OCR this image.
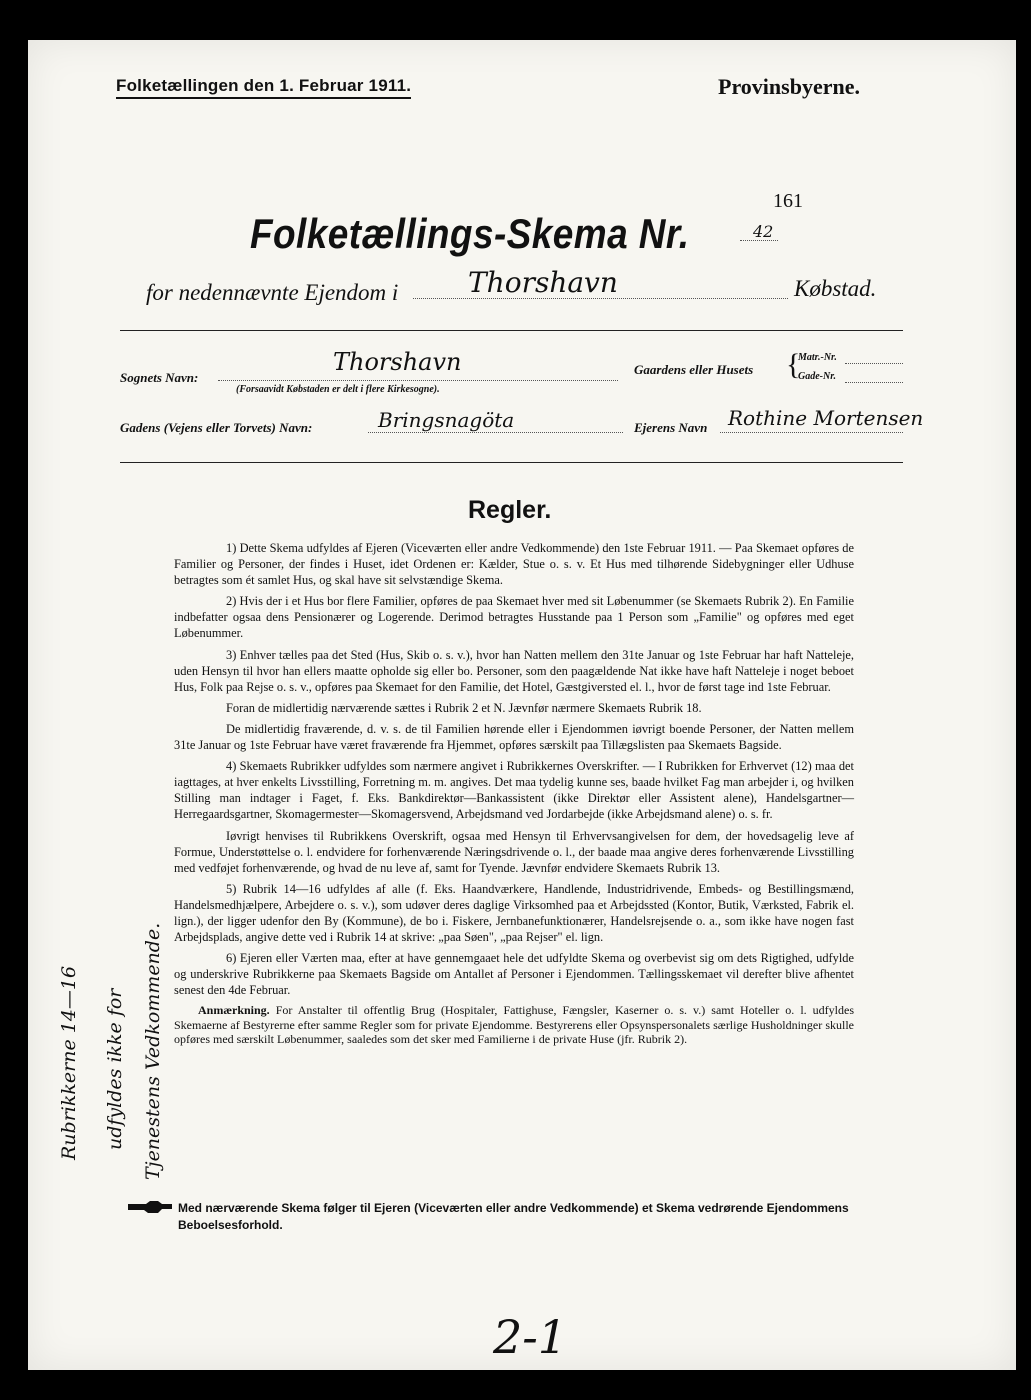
Folketællingen den 1. Februar 1911.	Provinsbyerne.
161
Folketællings-Skema Nr.	42
for nedennævnte Ejendom i Thorshavn	Købstad.
Sognets Navn:
Thorshavn
(Forsaavidt Købstaden er delt i flere Kirkesogne).
Gaardens eller Husets {
Matr.-Nr.
Gade-Nr.
Gadens (Vejens eller Torvets) Navn:	Bringsnagöta	Ejerens Navn Rothine Mortensen
Regler.

1) Dette Skema udfyldes af Ejeren (Viceværten eller andre Vedkommende) den 1ste Februar 1911. — Paa Skemaet opføres de Familier og Personer, der findes i Huset, idet Ordenen er: Kælder, Stue o. s. v. Et Hus med tilhørende Sidebygninger eller Udhuse betragtes som ét samlet Hus, og skal have sit selvstændige Skema.

2) Hvis der i et Hus bor flere Familier, opføres de paa Skemaet hver med sit Løbenummer (se Skemaets Rubrik 2). En Familie indbefatter ogsaa dens Pensionærer og Logerende. Derimod betragtes Husstande paa 1 Person som „Familie" og opføres med eget Løbenummer.

3) Enhver tælles paa det Sted (Hus, Skib o. s. v.), hvor han Natten mellem den 31te Januar og 1ste Februar har haft Natteleje, uden Hensyn til hvor han ellers maatte opholde sig eller bo. Personer, som den paagældende Nat ikke have haft Natteleje i noget beboet Hus, Folk paa Rejse o. s. v., opføres paa Skemaet for den Familie, det Hotel, Gæstgiversted el. l., hvor de først tage ind 1ste Februar.

Foran de midlertidig nærværende sættes i Rubrik 2 et N. Jævnfør nærmere Skemaets Rubrik 18.

De midlertidig fraværende, d. v. s. de til Familien hørende eller i Ejendommen iøvrigt boende Personer, der Natten mellem 31te Januar og 1ste Februar have været fraværende fra Hjemmet, opføres særskilt paa Tillægslisten paa Skemaets Bagside.

4) Skemaets Rubrikker udfyldes som nærmere angivet i Rubrikkernes Overskrifter. — I Rubrikken for Erhvervet (12) maa det iagttages, at hver enkelts Livsstilling, Forretning m. m. angives. Det maa tydelig kunne ses, baade hvilket Fag man arbejder i, og hvilken Stilling man indtager i Faget, f. Eks. Bankdirektør—Bankassistent (ikke Direktør eller Assistent alene), Handelsgartner—Herregaardsgartner, Skomagermester—Skomagersvend, Arbejdsmand ved Jordarbejde (ikke Arbejdsmand alene) o. s. fr.

Iøvrigt henvises til Rubrikkens Overskrift, ogsaa med Hensyn til Erhvervsangivelsen for dem, der hovedsagelig leve af Formue, Understøttelse o. l. endvidere for forhenværende Næringsdrivende o. l., der baade maa angive deres forhenværende Livsstilling med vedføjet forhenværende, og hvad de nu leve af, samt for Tyende. Jævnfør endvidere Skemaets Rubrik 13.

5) Rubrik 14—16 udfyldes af alle (f. Eks. Haandværkere, Handlende, Industridrivende, Embeds- og Bestillingsmænd, Handelsmedhjælpere, Arbejdere o. s. v.), som udøver deres daglige Virksomhed paa et Arbejdssted (Kontor, Butik, Værksted, Fabrik el. lign.), der ligger udenfor den By (Kommune), de bo i. Fiskere, Jernbanefunktionærer, Handelsrejsende o. a., som ikke have nogen fast Arbejdsplads, angive dette ved i Rubrik 14 at skrive: „paa Søen", „paa Rejser" el. lign.

6) Ejeren eller Værten maa, efter at have gennemgaaet hele det udfyldte Skema og overbevist sig om dets Rigtighed, udfylde og underskrive Rubrikkerne paa Skemaets Bagside om Antallet af Personer i Ejendommen. Tællingsskemaet vil derefter blive afhentet senest den 4de Februar.

Anmærkning. For Anstalter til offentlig Brug (Hospitaler, Fattighuse, Fængsler, Kaserner o. s. v.) samt Hoteller o. l. udfyldes Skemaerne af Bestyrerne efter samme Regler som for private Ejendomme. Bestyrerens eller Opsynspersonalets særlige Husholdninger skulle opføres med særskilt Løbenummer, saaledes som det sker med Familierne i de private Huse (jfr. Rubrik 2).

Rubrikkerne 14—16 udfyldes ikke for Tjenestens Vedkommende.
Med nærværende Skema følger til Ejeren (Viceværten eller andre Vedkommende) et Skema vedrørende Ejendommens Beboelsesforhold.
2-1
